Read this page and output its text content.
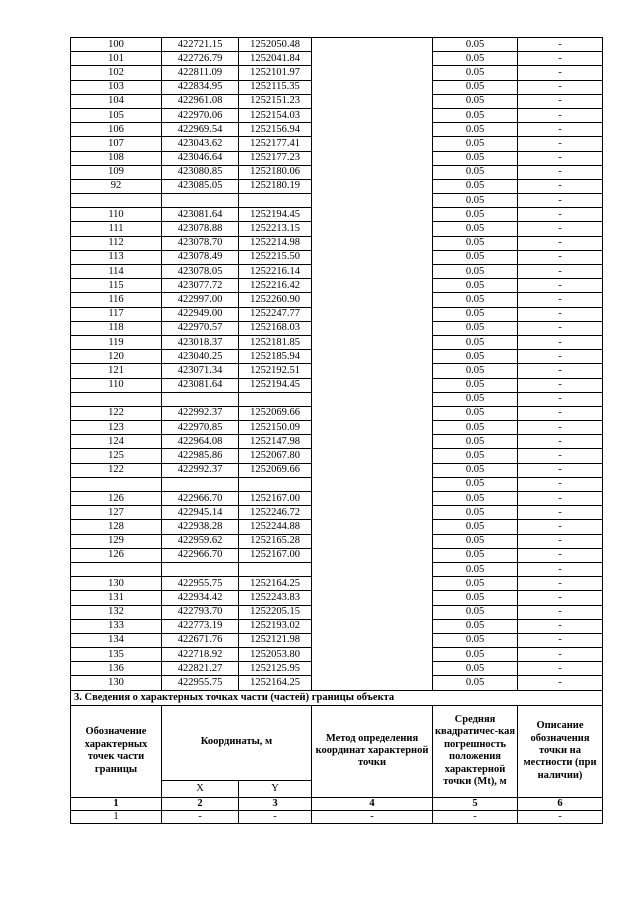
100	422721.15	1252050.48		0.05	-
101	422726.79	1252041.84		0.05	-
102	422811.09	1252101.97		0.05	-
103	422834.95	1252115.35		0.05	-
104	422961.08	1252151.23		0.05	-
105	422970.06	1252154.03		0.05	-
106	422969.54	1252156.94		0.05	-
107	423043.62	1252177.41		0.05	-
108	423046.64	1252177.23		0.05	-
109	423080.85	1252180.06		0.05	-
92	423085.05	1252180.19		0.05	-
				0.05	-
110	423081.64	1252194.45		0.05	-
111	423078.88	1252213.15		0.05	-
112	423078.70	1252214.98		0.05	-
113	423078.49	1252215.50		0.05	-
114	423078.05	1252216.14		0.05	-
115	423077.72	1252216.42		0.05	-
116	422997.00	1252260.90		0.05	-
117	422949.00	1252247.77		0.05	-
118	422970.57	1252168.03		0.05	-
119	423018.37	1252181.85		0.05	-
120	423040.25	1252185.94		0.05	-
121	423071.34	1252192.51		0.05	-
110	423081.64	1252194.45		0.05	-
				0.05	-
122	422992.37	1252069.66		0.05	-
123	422970.85	1252150.09		0.05	-
124	422964.08	1252147.98		0.05	-
125	422985.86	1252067.80		0.05	-
122	422992.37	1252069.66		0.05	-
				0.05	-
126	422966.70	1252167.00		0.05	-
127	422945.14	1252246.72		0.05	-
128	422938.28	1252244.88		0.05	-
129	422959.62	1252165.28		0.05	-
126	422966.70	1252167.00		0.05	-
				0.05	-
130	422955.75	1252164.25		0.05	-
131	422934.42	1252243.83		0.05	-
132	422793.70	1252205.15		0.05	-
133	422773.19	1252193.02		0.05	-
134	422671.76	1252121.98		0.05	-
135	422718.92	1252053.80		0.05	-
136	422821.27	1252125.95		0.05	-
130	422955.75	1252164.25		0.05	-
3. Сведения о характерных точках части (частей) границы объекта					
Обозначение характерных точек части границы	Координаты, м		Метод определения координат характерной точки	Средняя квадратичес-кая погрешность положения характерной точки (Mt), м	Описание обозначения точки на местности (при наличии)
	X	Y			
1	2	3	4	5	6
1	-	-	-	-	-
